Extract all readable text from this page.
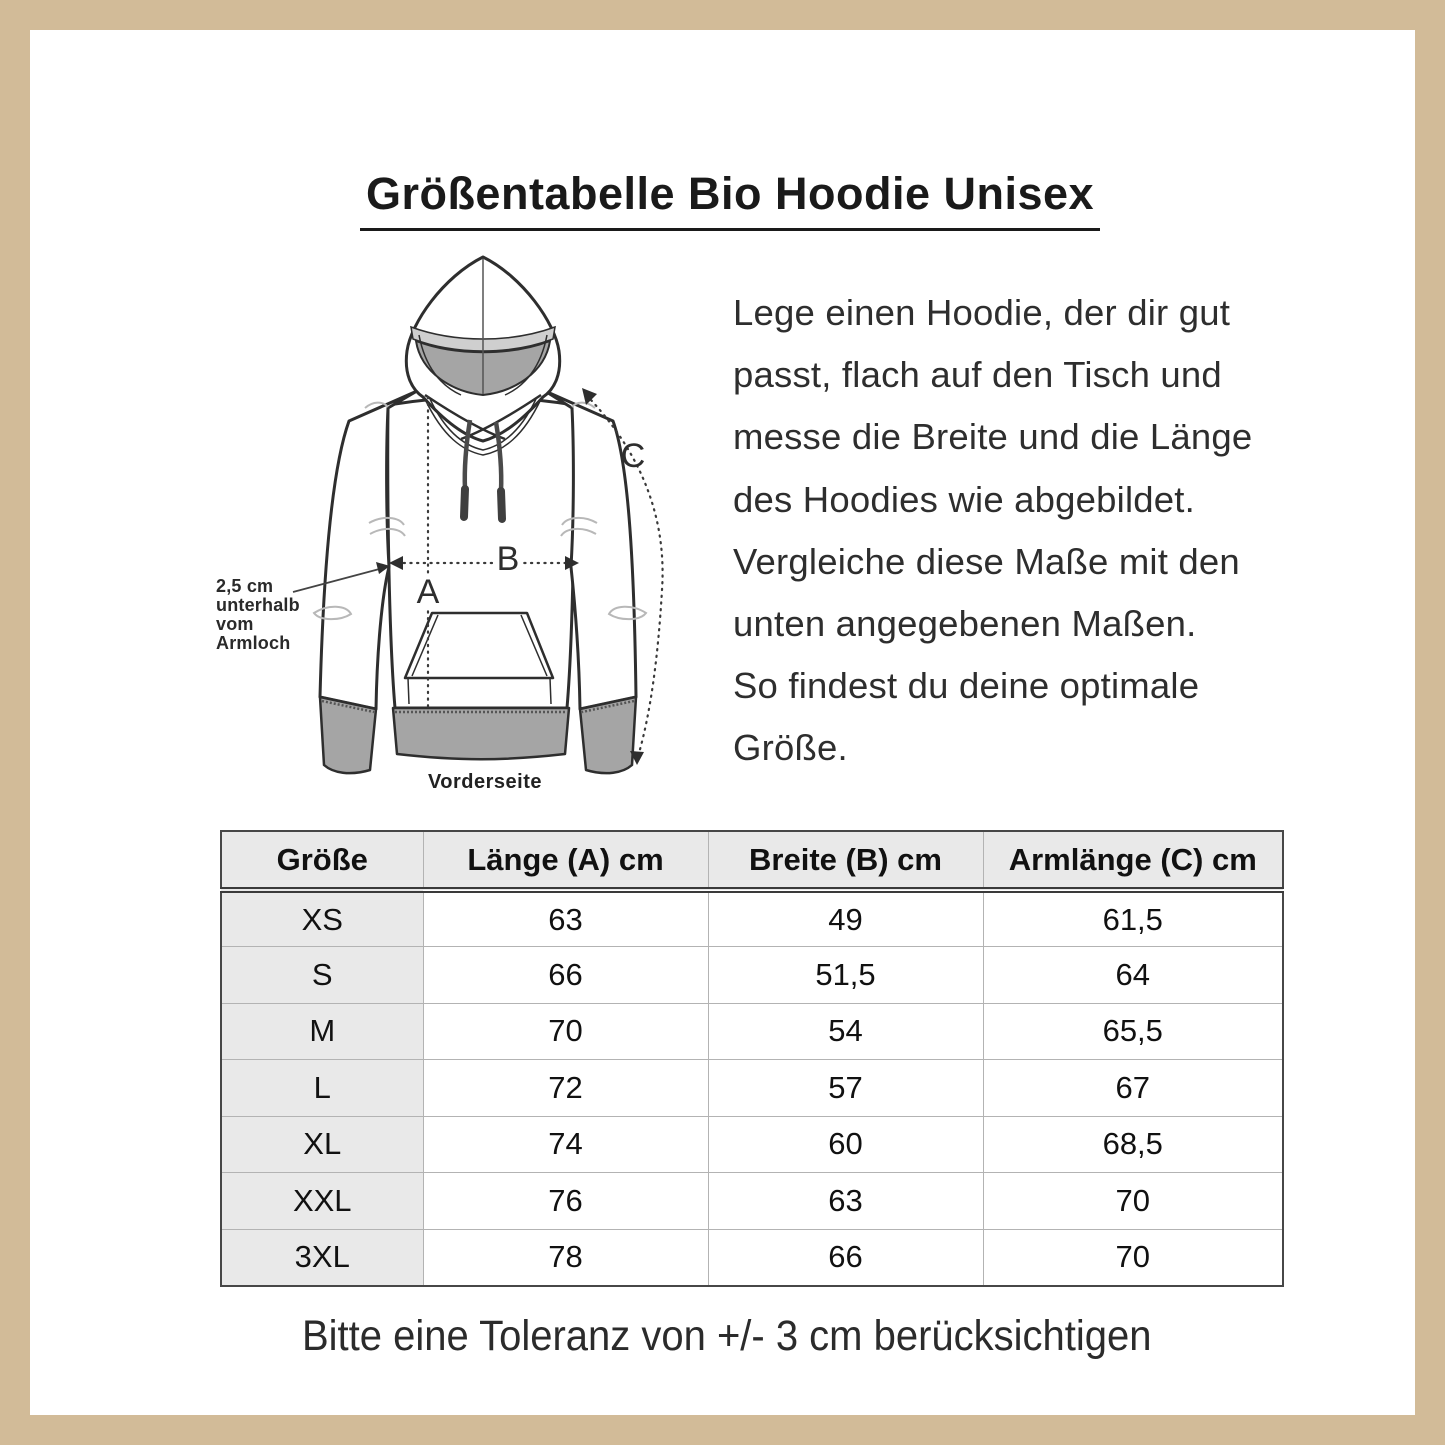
Größentabelle Bio Hoodie Unisex
A
B
C
Vorderseite
2,5 cm
unterhalb
vom
Armloch
Lege einen Hoodie, der dir gut
passt, flach auf den Tisch und
messe die Breite und die Länge
des Hoodies wie abgebildet.
Vergleiche diese Maße mit den
unten angegebenen Maßen.
So findest du deine optimale
Größe.
Größe	Länge (A) cm	Breite (B) cm	Armlänge (C) cm
XS	63	49	61,5
S	66	51,5	64
M	70	54	65,5
L	72	57	67
XL	74	60	68,5
XXL	76	63	70
3XL	78	66	70
Bitte eine Toleranz von +/- 3 cm berücksichtigen
